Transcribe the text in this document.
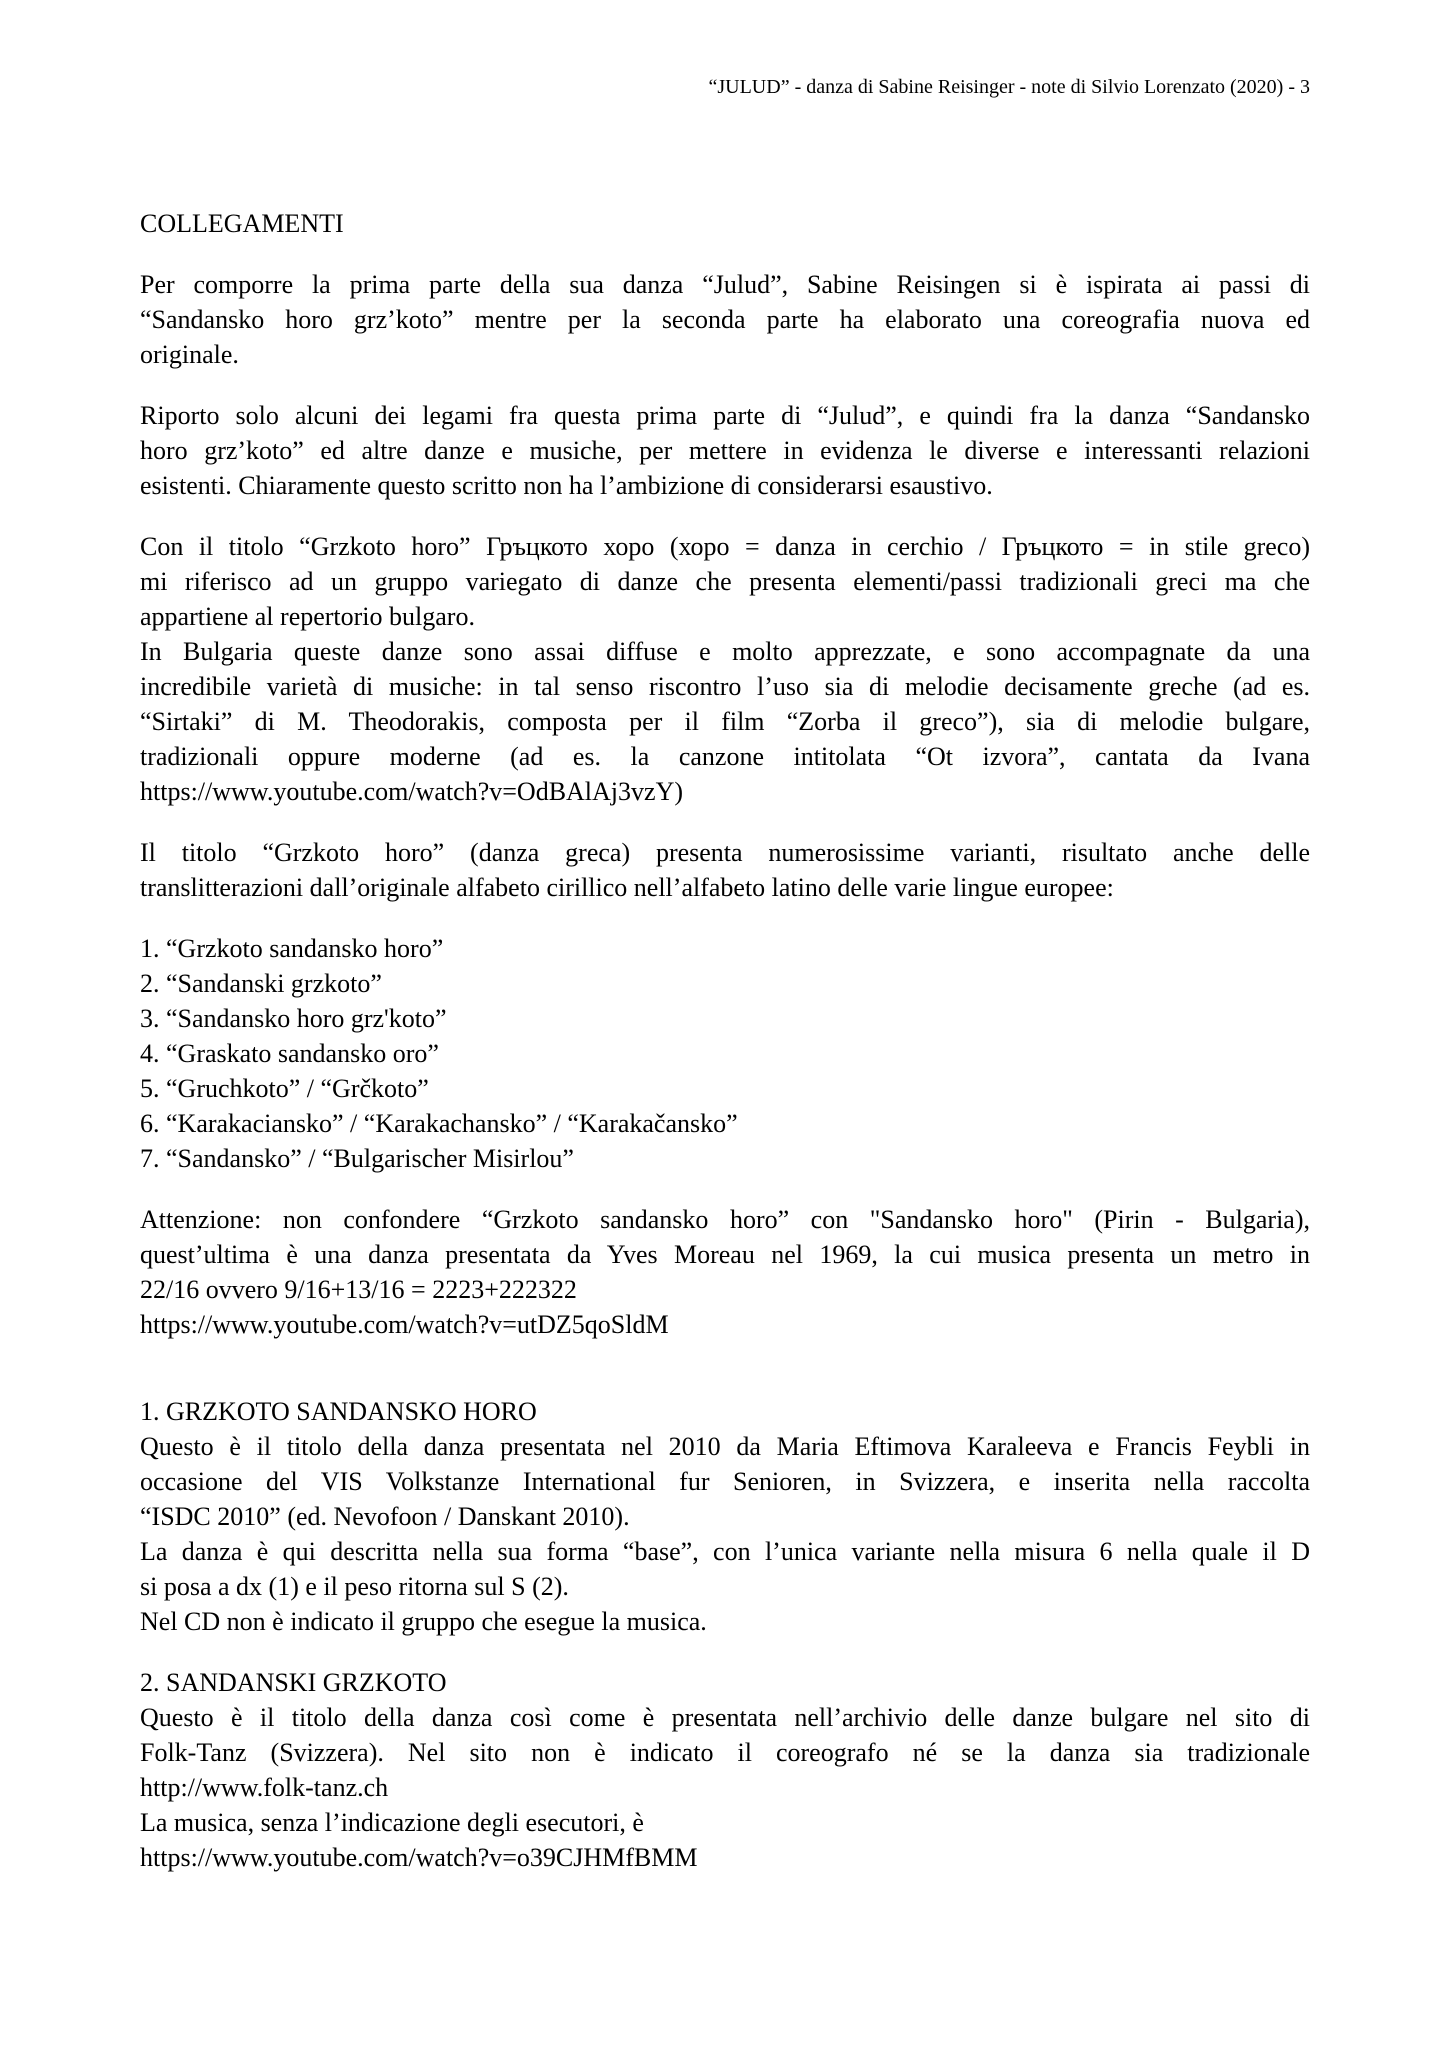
“JULUD” - danza di Sabine Reisinger - note di Silvio Lorenzato (2020) - 3
COLLEGAMENTI
Per comporre la prima parte della sua danza “Julud”, Sabine Reisingen si è ispirata ai passi di
“Sandansko horo grz’koto” mentre per la seconda parte ha elaborato una coreografia nuova ed
originale.
Riporto solo alcuni dei legami fra questa prima parte di “Julud”, e quindi fra la danza “Sandansko
horo grz’koto” ed altre danze e musiche, per mettere in evidenza le diverse e interessanti relazioni
esistenti. Chiaramente questo scritto non ha l’ambizione di considerarsi esaustivo.
Con il titolo “Grzkoto horo” Гръцкото хоро (хоро = danza in cerchio / Гръцкото = in stile greco)
mi riferisco ad un gruppo variegato di danze che presenta elementi/passi tradizionali greci ma che
appartiene al repertorio bulgaro.
In Bulgaria queste danze sono assai diffuse e molto apprezzate, e sono accompagnate da una
incredibile varietà di musiche: in tal senso riscontro l’uso sia di melodie decisamente greche (ad es.
“Sirtaki” di M. Theodorakis, composta per il film “Zorba il greco”), sia di melodie bulgare,
tradizionali oppure moderne (ad es. la canzone intitolata “Ot izvora”, cantata da Ivana
https://www.youtube.com/watch?v=OdBAlAj3vzY)
Il titolo “Grzkoto horo” (danza greca) presenta numerosissime varianti, risultato anche delle
translitterazioni dall’originale alfabeto cirillico nell’alfabeto latino delle varie lingue europee:
1. “Grzkoto sandansko horo”
2. “Sandanski grzkoto”
3. “Sandansko horo grz'koto”
4. “Graskato sandansko oro”
5. “Gruchkoto” / “Grčkoto”
6. “Karakaciansko” / “Karakachansko” / “Karakačansko”
7. “Sandansko” / “Bulgarischer Misirlou”
Attenzione: non confondere “Grzkoto sandansko horo” con "Sandansko horo" (Pirin - Bulgaria),
quest’ultima è una danza presentata da Yves Moreau nel 1969, la cui musica presenta un metro in
22/16 ovvero 9/16+13/16 = 2223+222322
https://www.youtube.com/watch?v=utDZ5qoSldM
1. GRZKOTO SANDANSKO HORO
Questo è il titolo della danza presentata nel 2010 da Maria Eftimova Karaleeva e Francis Feybli in
occasione del VIS Volkstanze International fur Senioren, in Svizzera, e inserita nella raccolta
“ISDC 2010” (ed. Nevofoon / Danskant 2010).
La danza è qui descritta nella sua forma “base”, con l’unica variante nella misura 6 nella quale il D
si posa a dx (1) e il peso ritorna sul S (2).
Nel CD non è indicato il gruppo che esegue la musica.
2. SANDANSKI GRZKOTO
Questo è il titolo della danza così come è presentata nell’archivio delle danze bulgare nel sito di
Folk-Tanz (Svizzera). Nel sito non è indicato il coreografo né se la danza sia tradizionale
http://www.folk-tanz.ch
La musica, senza l’indicazione degli esecutori, è
https://www.youtube.com/watch?v=o39CJHMfBMM
